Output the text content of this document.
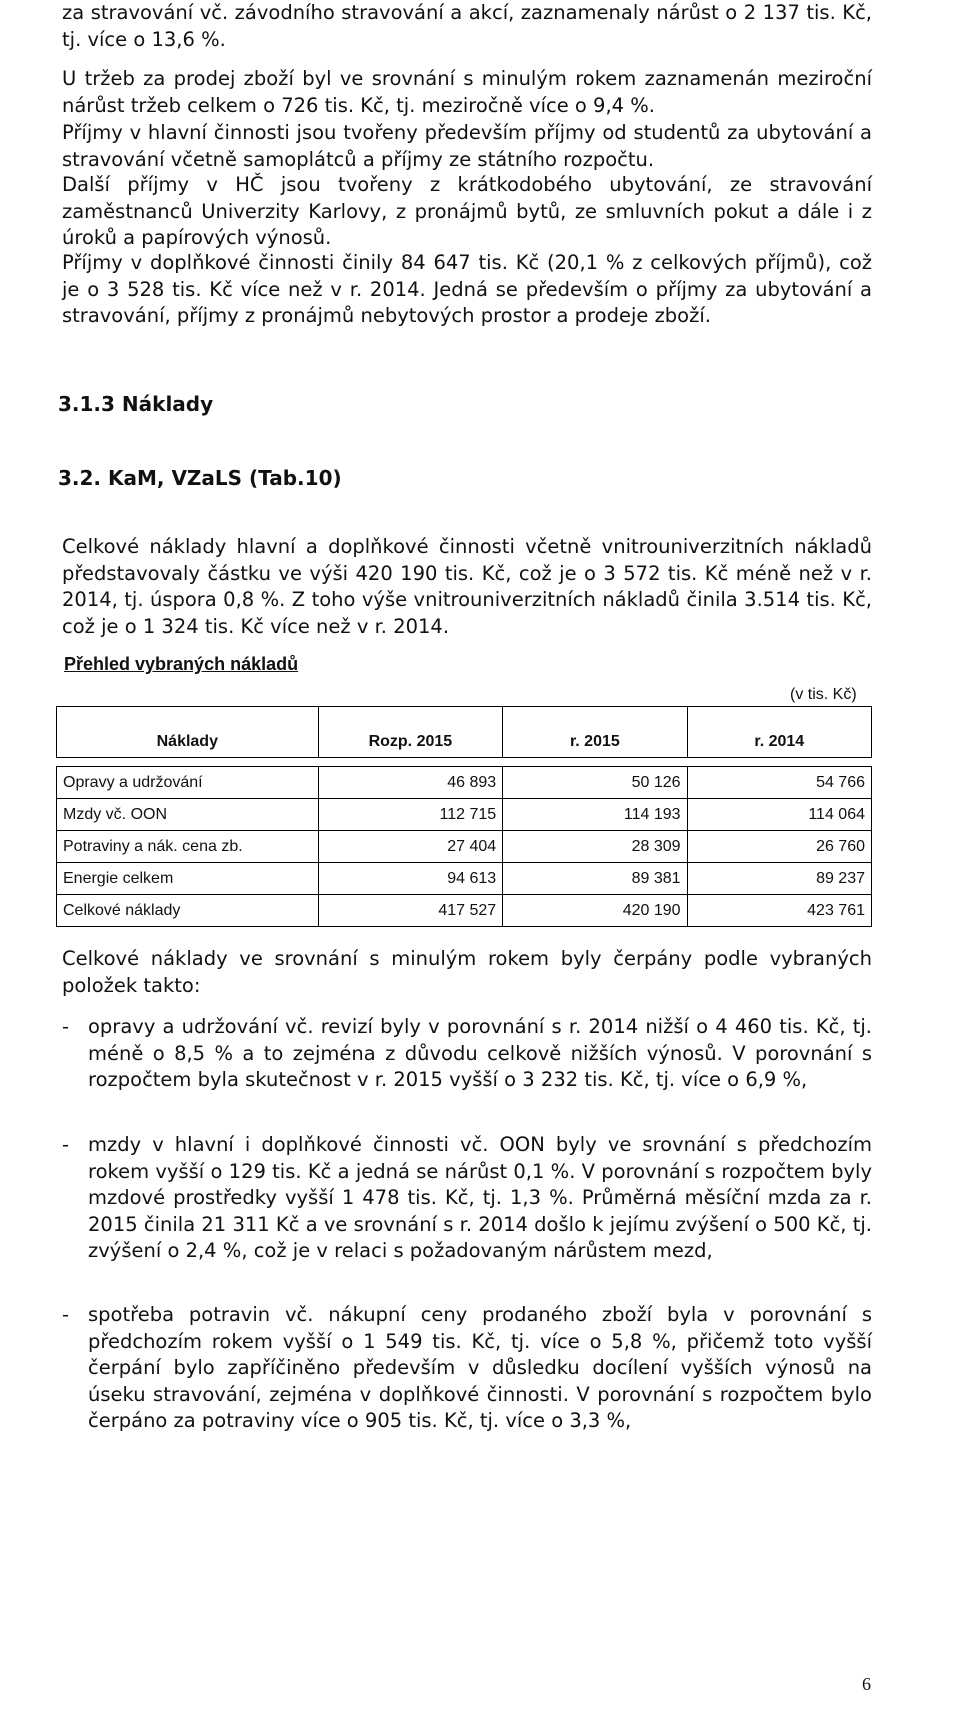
za stravování vč. závodního stravování a akcí, zaznamenaly nárůst o 2 137 tis. Kč, tj. více o 13,6 %.

U tržeb za prodej zboží byl ve srovnání s minulým rokem zaznamenán meziroční nárůst tržeb celkem o 726 tis. Kč, tj. meziročně více o 9,4 %.

Příjmy v hlavní činnosti jsou tvořeny především příjmy od studentů za ubytování a stravování včetně samoplátců a příjmy ze státního rozpočtu.

Další příjmy v HČ jsou tvořeny z krátkodobého ubytování, ze stravování zaměstnanců Univerzity Karlovy, z pronájmů bytů, ze smluvních pokut a dále i z úroků a papírových výnosů.

Příjmy v doplňkové činnosti činily 84 647 tis. Kč (20,1 % z celkových příjmů), což je o 3 528 tis. Kč více než v r. 2014. Jedná se především o příjmy za ubytování a stravování, příjmy z pronájmů nebytových prostor a prodeje zboží.

3.1.3 Náklady
3.2. KaM, VZaLS (Tab.10)

Celkové náklady hlavní a doplňkové činnosti včetně vnitrouniverzitních nákladů představovaly částku ve výši 420 190 tis. Kč, což je o 3 572 tis. Kč méně než v r. 2014, tj. úspora 0,8 %. Z toho výše vnitrouniverzitních nákladů činila 3.514 tis. Kč, což je o 1 324 tis. Kč více než v r. 2014.

Přehled vybraných nákladů
(v tis. Kč)
Náklady	Rozp. 2015	r. 2015	r. 2014

Opravy a udržování	46 893	50 126	54 766
Mzdy vč. OON	112 715	114 193	114 064
Potraviny a nák. cena zb.	27 404	28 309	26 760
Energie celkem	94 613	89 381	89 237
Celkové náklady	417 527	420 190	423 761

Celkové náklady ve srovnání s minulým rokem byly čerpány podle vybraných položek takto:

- opravy a udržování vč. revizí byly v porovnání s r. 2014 nižší o 4 460 tis. Kč, tj. méně o 8,5 % a to zejména z důvodu celkově nižších výnosů. V porovnání s rozpočtem byla skutečnost v r. 2015 vyšší o 3 232 tis. Kč, tj. více o 6,9 %,
- mzdy v hlavní i doplňkové činnosti vč. OON byly ve srovnání s předchozím rokem vyšší o 129 tis. Kč a jedná se nárůst 0,1 %. V porovnání s rozpočtem byly mzdové prostředky vyšší 1 478 tis. Kč, tj. 1,3 %. Průměrná měsíční mzda za r. 2015 činila 21 311 Kč a ve srovnání s r. 2014 došlo k jejímu zvýšení o 500 Kč, tj. zvýšení o 2,4 %, což je v relaci s požadovaným nárůstem mezd,
- spotřeba potravin vč. nákupní ceny prodaného zboží byla v porovnání s předchozím rokem vyšší o 1 549 tis. Kč, tj. více o 5,8 %, přičemž toto vyšší čerpání bylo zapříčiněno především v důsledku docílení vyšších výnosů na úseku stravování, zejména v doplňkové činnosti. V porovnání s rozpočtem bylo čerpáno za potraviny více o 905 tis. Kč, tj. více o 3,3 %,
6
